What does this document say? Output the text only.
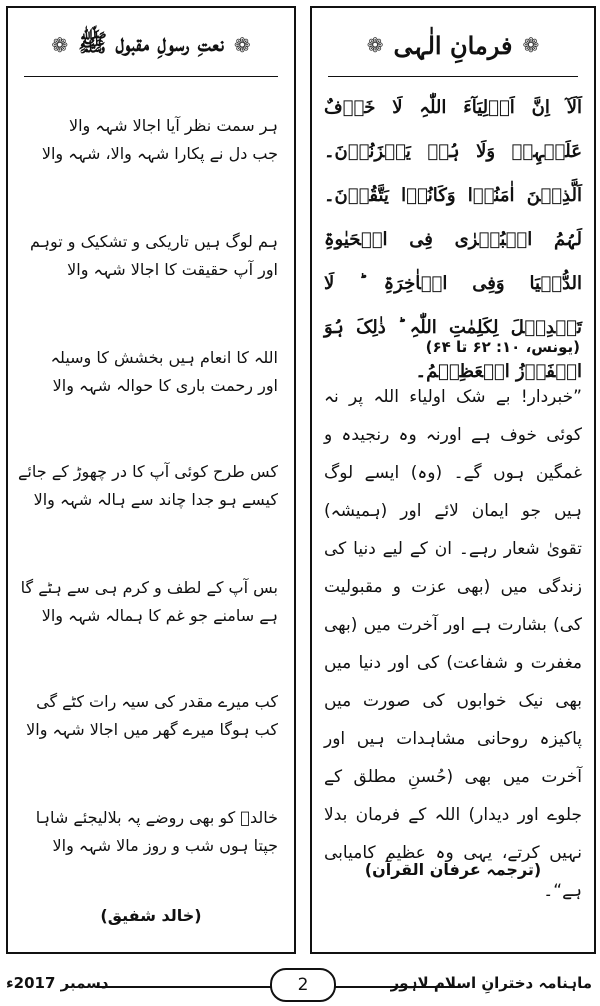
❁
فرمانِ الٰہی
❁
اَلَآ اِنَّ اَوۡلِیَآءَ اللّٰہِ لَا خَوۡفٌ عَلَیۡہِمۡ وَلَا ہُمۡ یَحۡزَنُوۡنَ۔ اَلَّذِیۡنَ اٰمَنُوۡا وَکَانُوۡا یَتَّقُوۡنَ۔ لَہُمُ الۡبُشۡرٰی فِی الۡحَیٰوۃِ الدُّنۡیَا وَفِی الۡاٰخِرَۃِ ؕ لَا تَبۡدِیۡلَ لِکَلِمٰتِ اللّٰہِ ؕ ذٰلِکَ ہُوَ الۡفَوۡزُ الۡعَظِیۡمُ۔
(یونس، ۱۰: ۶۲ تا ۶۴)
”خبردار! بے شک اولیاء اللہ پر نہ کوئی خوف ہے اورنہ وہ رنجیدہ و غمگین ہوں گے۔ (وہ) ایسے لوگ ہیں جو ایمان لائے اور (ہمیشہ) تقویٰ شعار رہے۔ ان کے لیے دنیا کی زندگی میں (بھی عزت و مقبولیت کی) بشارت ہے اور آخرت میں (بھی مغفرت و شفاعت) کی اور دنیا میں بھی نیک خوابوں کی صورت میں پاکیزہ روحانی مشاہدات ہیں اور آخرت میں بھی (حُسنِ مطلق کے جلوے اور دیدار) اللہ کے فرمان بدلا نہیں کرتے، یہی وہ عظیم کامیابی ہے“۔
(ترجمہ عرفان القرآن)
❁
نعتِ رسولِ مقبول ﷺ
❁
ہر سمت نظر آیا اجالا شہہ والا
جب دل نے پکارا شہہ والا، شہہ والا
ہم لوگ ہیں تاریکی و تشکیک و توہم
اور آپ حقیقت کا اجالا شہہ والا
اللہ کا انعام ہیں بخشش کا وسیلہ
اور رحمت باری کا حوالہ شہہ والا
کس طرح کوئی آپ کا در چھوڑ کے جائے
کیسے ہو جدا چاند سے ہالہ شہہ والا
بس آپ کے لطف و کرم ہی سے ہٹے گا
ہے سامنے جو غم کا ہمالہ شہہ والا
کب میرے مقدر کی سیہ رات کٹے گی
کب ہوگا میرے گھر میں اجالا شہہ والا
خالدؔ کو بھی روضے پہ بلالیجئے شاہا
جپتا ہوں شب و روز مالا شہہ والا
(خالد شفیق)
ماہنامہ دخترانِ اسلام لاہور
2
دسمبر 2017ء
